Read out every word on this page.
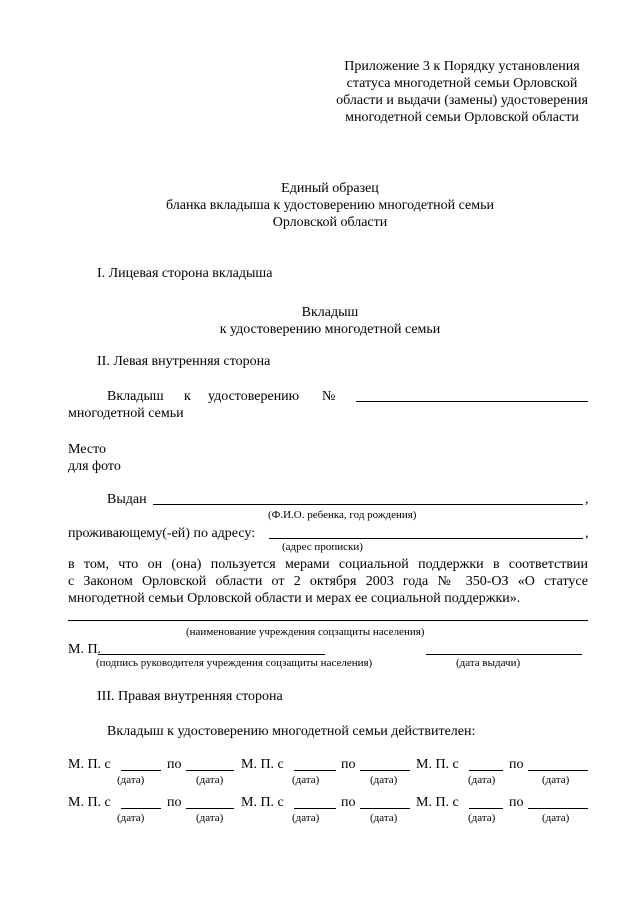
Приложение 3 к Порядку установления
статуса многодетной семьи Орловской
области и выдачи (замены) удостоверения
многодетной семьи Орловской области
Единый образец
бланка вкладыша к удостоверению многодетной семьи
Орловской области
I. Лицевая сторона вкладыша
Вкладыш
к удостоверению многодетной семьи
II. Левая внутренняя сторона
Вкладыш к удостоверению №
многодетной семьи
Место
для фото
Выдан	,
(Ф.И.О. ребенка, год рождения)
проживающему(-ей) по адресу:	,
(адрес прописки)
в том, что он (она) пользуется мерами социальной поддержки в соответствии
с Законом Орловской области от 2 октября 2003 года № 350-ОЗ «О статусе
многодетной семьи Орловской области и мерах ее социальной поддержки».
(наименование учреждения соцзащиты населения)
М. П.
(подпись руководителя учреждения соцзащиты населения)	(дата выдачи)
III. Правая внутренняя сторона
Вкладыш к удостоверению многодетной семьи действителен:
М. П. с	по	М. П. с	по	М. П. с	по
(дата)	(дата)	(дата)	(дата)	(дата)	(дата)
М. П. с	по	М. П. с	по	М. П. с	по
(дата)	(дата)	(дата)	(дата)	(дата)	(дата)
